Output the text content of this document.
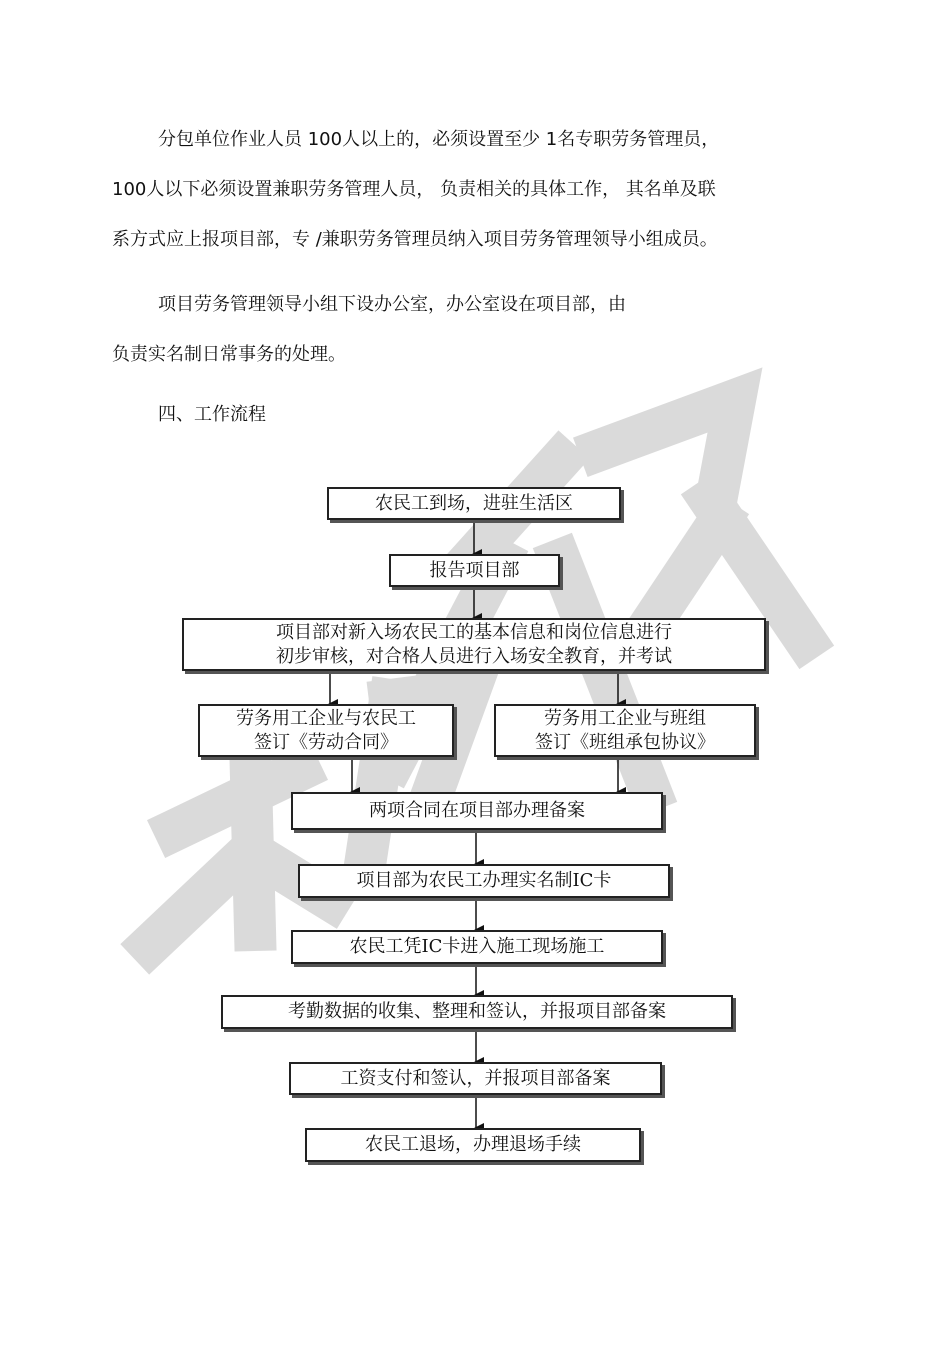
分包单位作业人员 100人以上的，必须设置至少 1名专职劳务管理员，
100人以下必须设置兼职劳务管理人员， 负责相关的具体工作， 其名单及联
系方式应上报项目部，专 /兼职劳务管理员纳入项目劳务管理领导小组成员。
项目劳务管理领导小组下设办公室，办公室设在项目部，由
负责实名制日常事务的处理。

四、工作流程

农民工到场，进驻生活区
报告项目部
项目部对新入场农民工的基本信息和岗位信息进行
初步审核，对合格人员进行入场安全教育，并考试
劳务用工企业与农民工
签订《劳动合同》
劳务用工企业与班组
签订《班组承包协议》
两项合同在项目部办理备案
项目部为农民工办理实名制IC卡
农民工凭IC卡进入施工现场施工
考勤数据的收集、整理和签认，并报项目部备案
工资支付和签认，并报项目部备案
农民工退场，办理退场手续
